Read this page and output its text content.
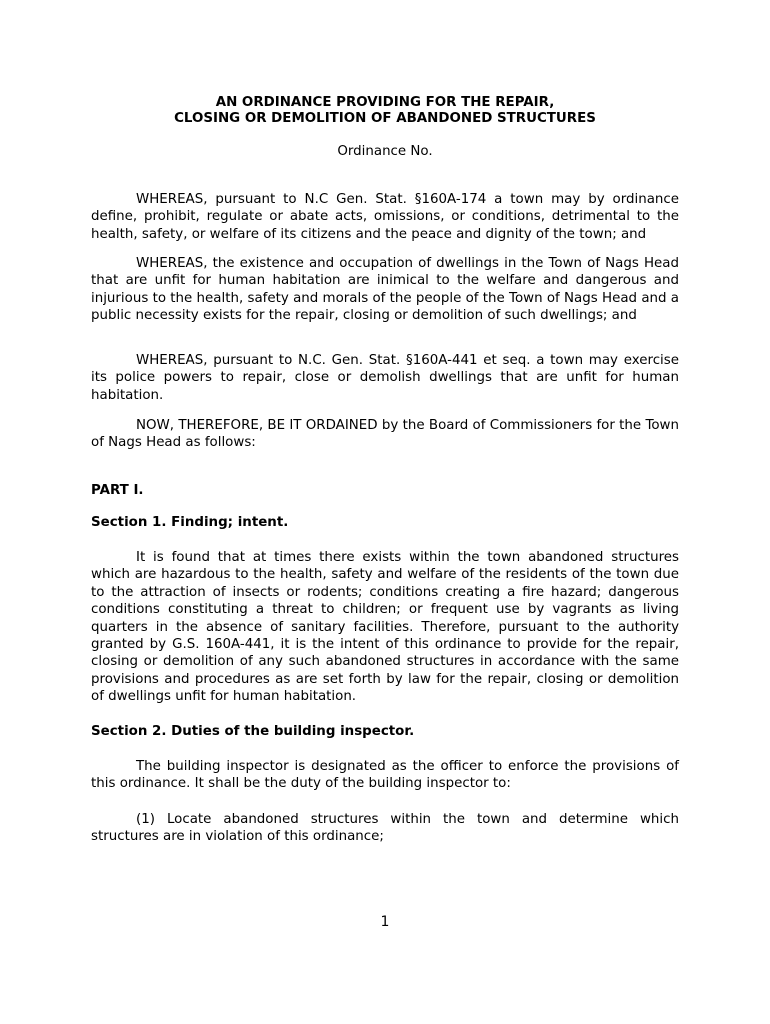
AN ORDINANCE PROVIDING FOR THE REPAIR,

CLOSING OR DEMOLITION OF ABANDONED STRUCTURES

Ordinance No.

WHEREAS, pursuant to N.C Gen. Stat. §160A-174 a town may by ordinance define, prohibit, regulate or abate acts, omissions, or conditions, detrimental to the health, safety, or welfare of its citizens and the peace and dignity of the town; and

WHEREAS, the existence and occupation of dwellings in the Town of Nags Head that are unfit for human habitation are inimical to the welfare and dangerous and injurious to the health, safety and morals of the people of the Town of Nags Head and a public necessity exists for the repair, closing or demolition of such dwellings; and

WHEREAS, pursuant to N.C. Gen. Stat. §160A-441 et seq. a town may exercise its police powers to repair, close or demolish dwellings that are unfit for human habitation.

NOW, THEREFORE, BE IT ORDAINED by the Board of Commissioners for the Town of Nags Head as follows:

PART I.

Section 1. Finding; intent.

It is found that at times there exists within the town abandoned structures which are hazardous to the health, safety and welfare of the residents of the town due to the attraction of insects or rodents; conditions creating a fire hazard; dangerous conditions constituting a threat to children; or frequent use by vagrants as living quarters in the absence of sanitary facilities. Therefore, pursuant to the authority granted by G.S. 160A-441, it is the intent of this ordinance to provide for the repair, closing or demolition of any such abandoned structures in accordance with the same provisions and procedures as are set forth by law for the repair, closing or demolition of dwellings unfit for human habitation.

Section 2. Duties of the building inspector.

The building inspector is designated as the officer to enforce the provisions of this ordinance. It shall be the duty of the building inspector to:

(1) Locate abandoned structures within the town and determine which structures are in violation of this ordinance;

1
